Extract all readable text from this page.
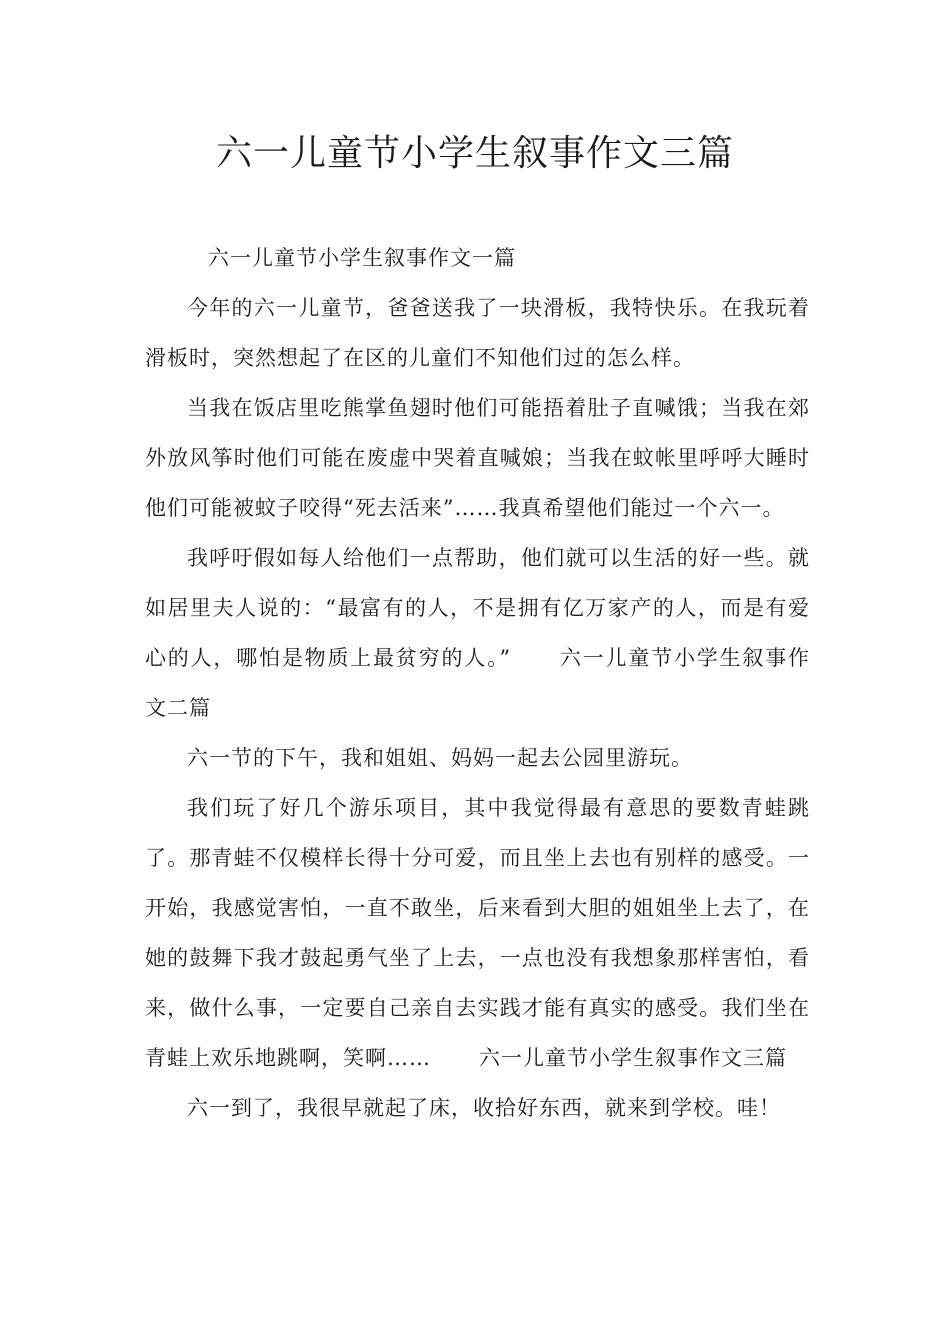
六一儿童节小学生叙事作文三篇

六一儿童节小学生叙事作文一篇

今年的六一儿童节，爸爸送我了一块滑板，我特快乐。在我玩着滑板时，突然想起了在区的儿童们不知他们过的怎么样。

当我在饭店里吃熊掌鱼翅时他们可能捂着肚子直喊饿；当我在郊外放风筝时他们可能在废虚中哭着直喊娘；当我在蚊帐里呼呼大睡时他们可能被蚊子咬得“死去活来”……我真希望他们能过一个六一。

我呼吁假如每人给他们一点帮助，他们就可以生活的好一些。就如居里夫人说的：“最富有的人，不是拥有亿万家产的人，而是有爱心的人，哪怕是物质上最贫穷的人。” 六一儿童节小学生叙事作文二篇

六一节的下午，我和姐姐、妈妈一起去公园里游玩。

我们玩了好几个游乐项目，其中我觉得最有意思的要数青蛙跳了。那青蛙不仅模样长得十分可爱，而且坐上去也有别样的感受。一开始，我感觉害怕，一直不敢坐，后来看到大胆的姐姐坐上去了，在她的鼓舞下我才鼓起勇气坐了上去，一点也没有我想象那样害怕，看来，做什么事，一定要自己亲自去实践才能有真实的感受。我们坐在青蛙上欢乐地跳啊，笑啊…… 六一儿童节小学生叙事作文三篇

六一到了，我很早就起了床，收拾好东西，就来到学校。哇！
